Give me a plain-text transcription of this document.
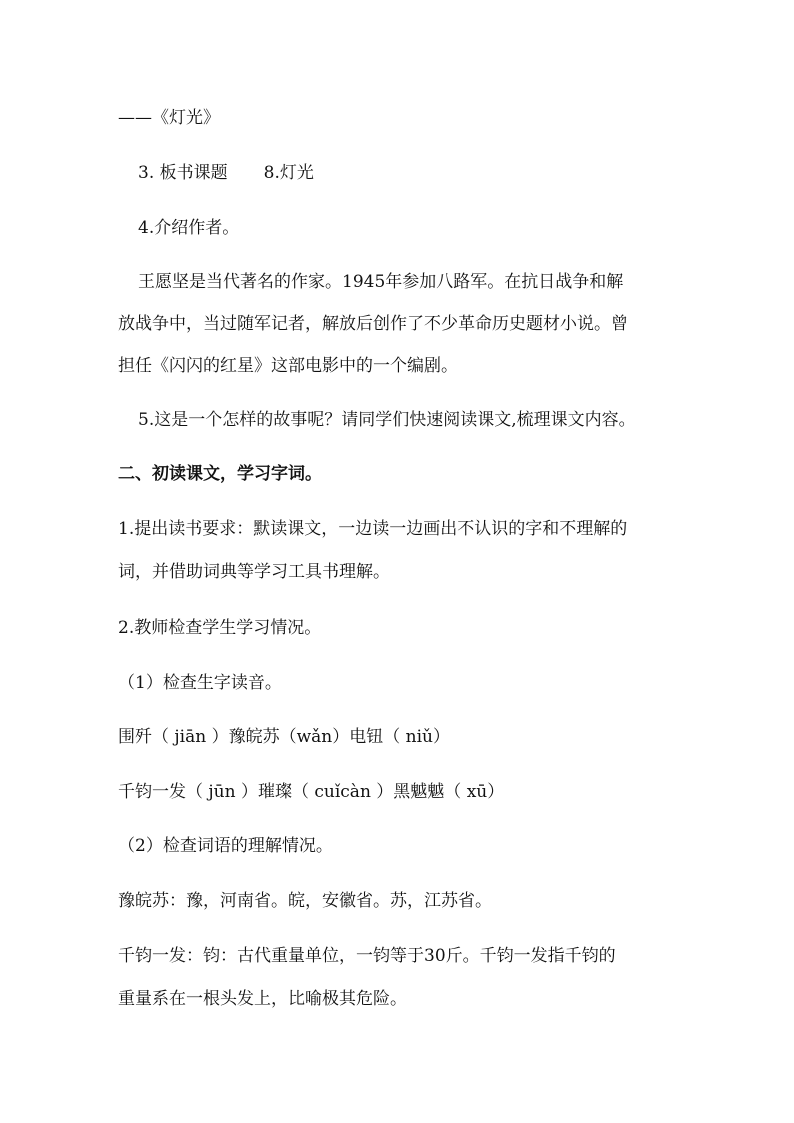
——《灯光》
3. 板书课题 8.灯光
4.介绍作者。
王愿坚是当代著名的作家。1945年参加八路军。在抗日战争和解
放战争中，当过随军记者，解放后创作了不少革命历史题材小说。曾
担任《闪闪的红星》这部电影中的一个编剧。
5.这是一个怎样的故事呢？请同学们快速阅读课文,梳理课文内容。
二、初读课文，学习字词。
1.提出读书要求：默读课文，一边读一边画出不认识的字和不理解的
词，并借助词典等学习工具书理解。
2.教师检查学生学习情况。
（1）检查生字读音。
围歼（ jiān ）豫皖苏（wǎn）电钮（ niǔ）
千钧一发（ jūn ）璀璨（ cuǐcàn ）黑魆魆（ xū）
（2）检查词语的理解情况。
豫皖苏：豫，河南省。皖，安徽省。苏，江苏省。
千钧一发：钧：古代重量单位，一钧等于30斤。千钧一发指千钧的
重量系在一根头发上，比喻极其危险。
